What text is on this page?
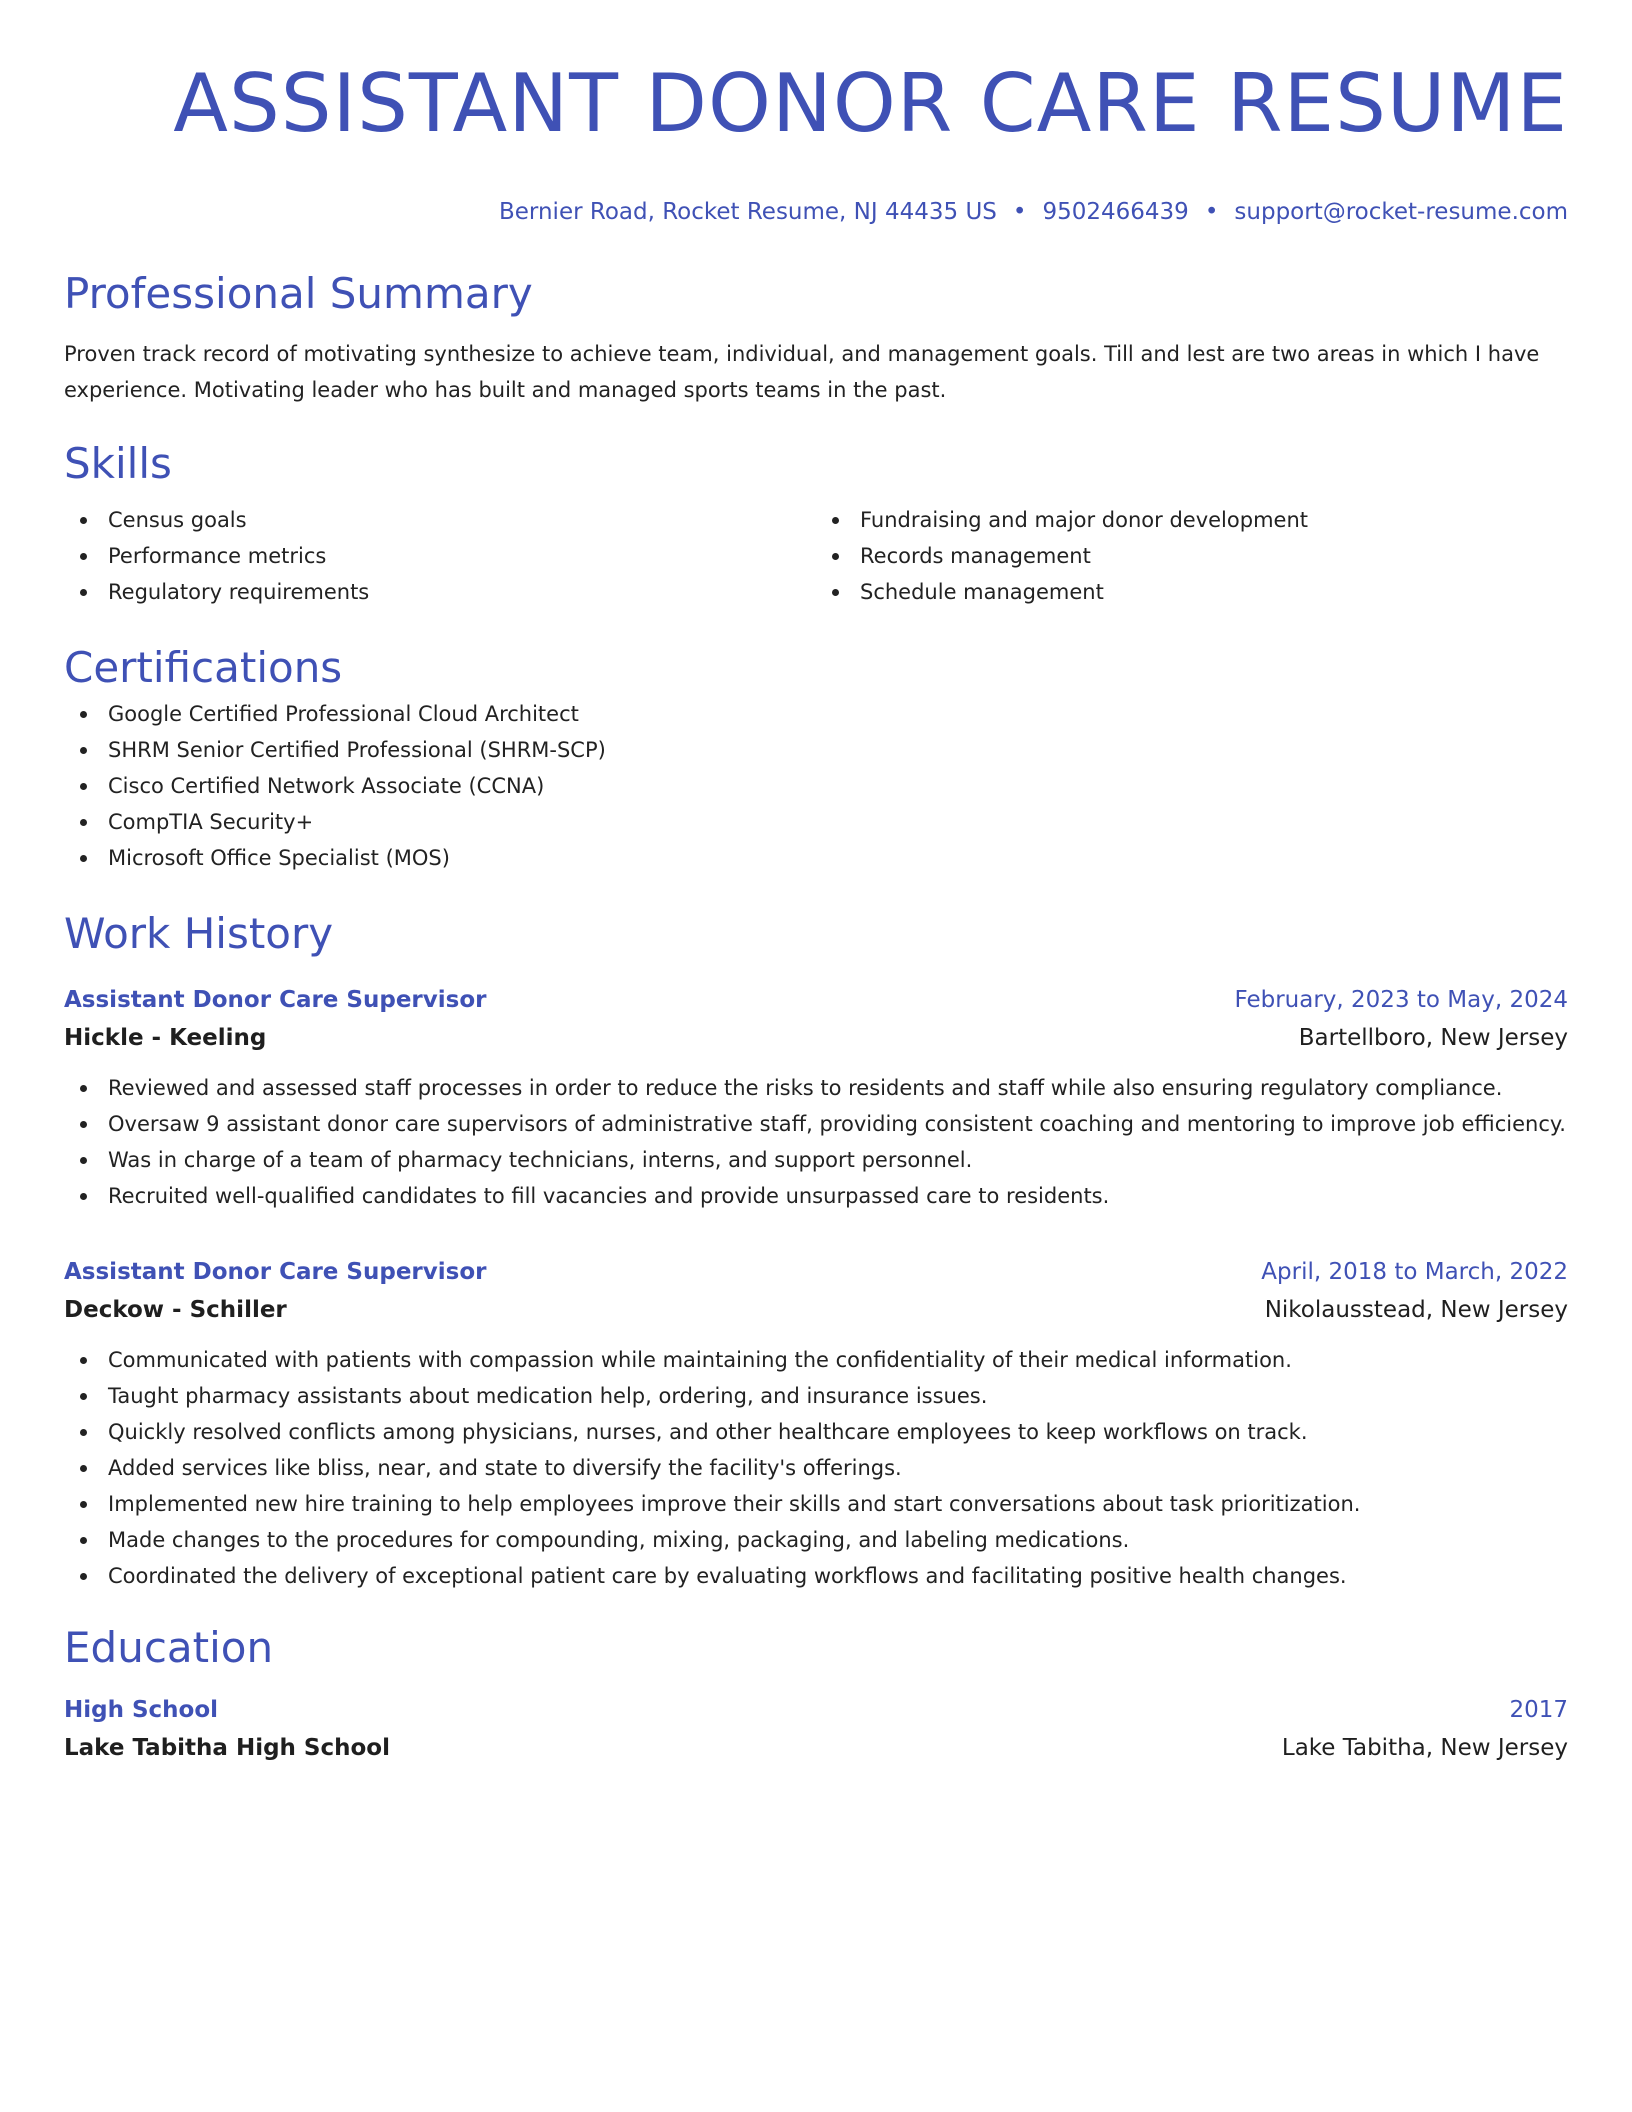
ASSISTANT DONOR CARE RESUME
Bernier Road, Rocket Resume, NJ 44435 US • 9502466439 • support@rocket-resume.com
Professional Summary
Proven track record of motivating synthesize to achieve team, individual, and management goals. Till and lest are two areas in which I have experience. Motivating leader who has built and managed sports teams in the past.
Skills
Census goals
Performance metrics
Regulatory requirements
Fundraising and major donor development
Records management
Schedule management
Certifications
Google Certified Professional Cloud Architect
SHRM Senior Certified Professional (SHRM-SCP)
Cisco Certified Network Associate (CCNA)
CompTIA Security+
Microsoft Office Specialist (MOS)
Work History
Assistant Donor Care Supervisor	February, 2023 to May, 2024
Hickle - Keeling	Bartellboro, New Jersey
Reviewed and assessed staff processes in order to reduce the risks to residents and staff while also ensuring regulatory compliance.
Oversaw 9 assistant donor care supervisors of administrative staff, providing consistent coaching and mentoring to improve job efficiency.
Was in charge of a team of pharmacy technicians, interns, and support personnel.
Recruited well-qualified candidates to fill vacancies and provide unsurpassed care to residents.
Assistant Donor Care Supervisor	April, 2018 to March, 2022
Deckow - Schiller	Nikolausstead, New Jersey
Communicated with patients with compassion while maintaining the confidentiality of their medical information.
Taught pharmacy assistants about medication help, ordering, and insurance issues.
Quickly resolved conflicts among physicians, nurses, and other healthcare employees to keep workflows on track.
Added services like bliss, near, and state to diversify the facility's offerings.
Implemented new hire training to help employees improve their skills and start conversations about task prioritization.
Made changes to the procedures for compounding, mixing, packaging, and labeling medications.
Coordinated the delivery of exceptional patient care by evaluating workflows and facilitating positive health changes.
Education
High School	2017
Lake Tabitha High School	Lake Tabitha, New Jersey
